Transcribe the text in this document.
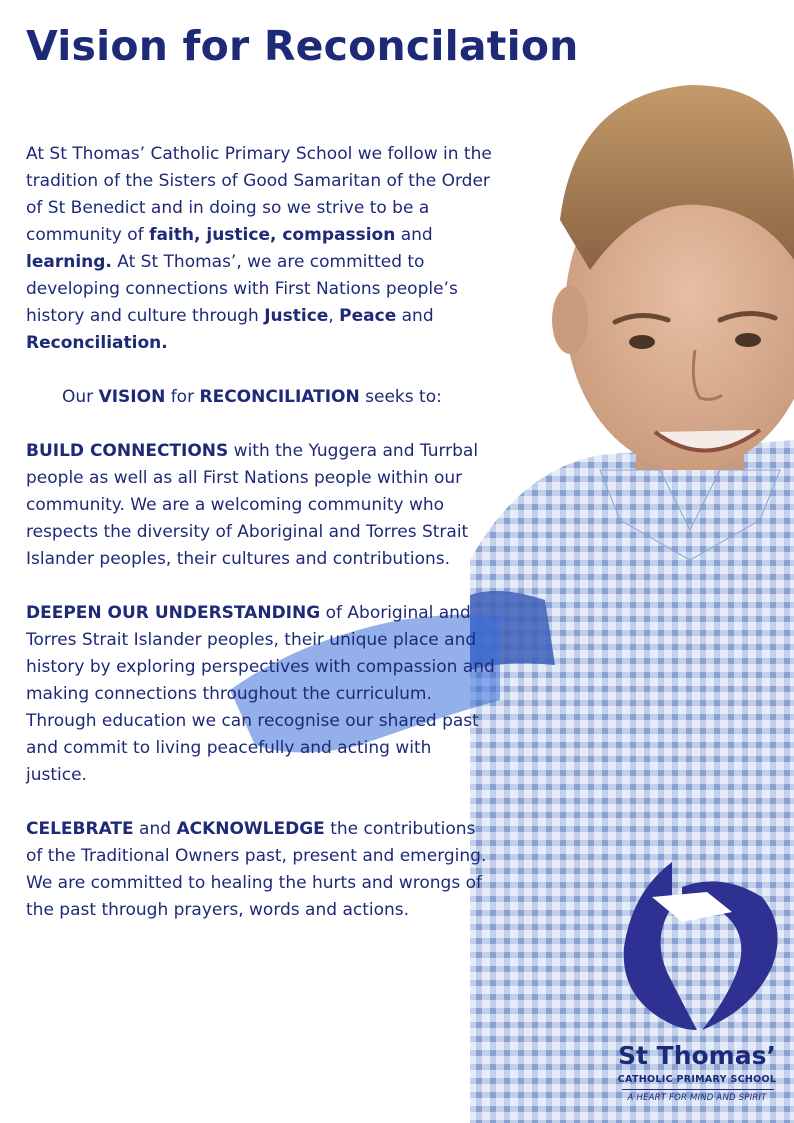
Vision for Reconcilation

At St Thomas’ Catholic Primary School we follow in the tradition of the Sisters of Good Samaritan of the Order of St Benedict and in doing so we strive to be a community of faith, justice, compassion and learning. At St Thomas’, we are committed to developing connections with First Nations people’s history and culture through Justice, Peace and Reconciliation.

Our VISION for RECONCILIATION seeks to:

BUILD CONNECTIONS with the Yuggera and Turrbal people as well as all First Nations people within our community. We are a welcoming community who respects the diversity of Aboriginal and Torres Strait Islander peoples, their cultures and contributions.

DEEPEN OUR UNDERSTANDING of Aboriginal and Torres Strait Islander peoples, their unique place and history by exploring perspectives with compassion and making connections throughout the curriculum. Through education we can recognise our shared past and commit to living peacefully and acting with justice.

CELEBRATE and ACKNOWLEDGE the contributions of the Traditional Owners past, present and emerging. We are committed to healing the hurts and wrongs of the past through prayers, words and actions.

St Thomas’
CATHOLIC PRIMARY SCHOOL
A HEART FOR MIND AND SPIRIT
